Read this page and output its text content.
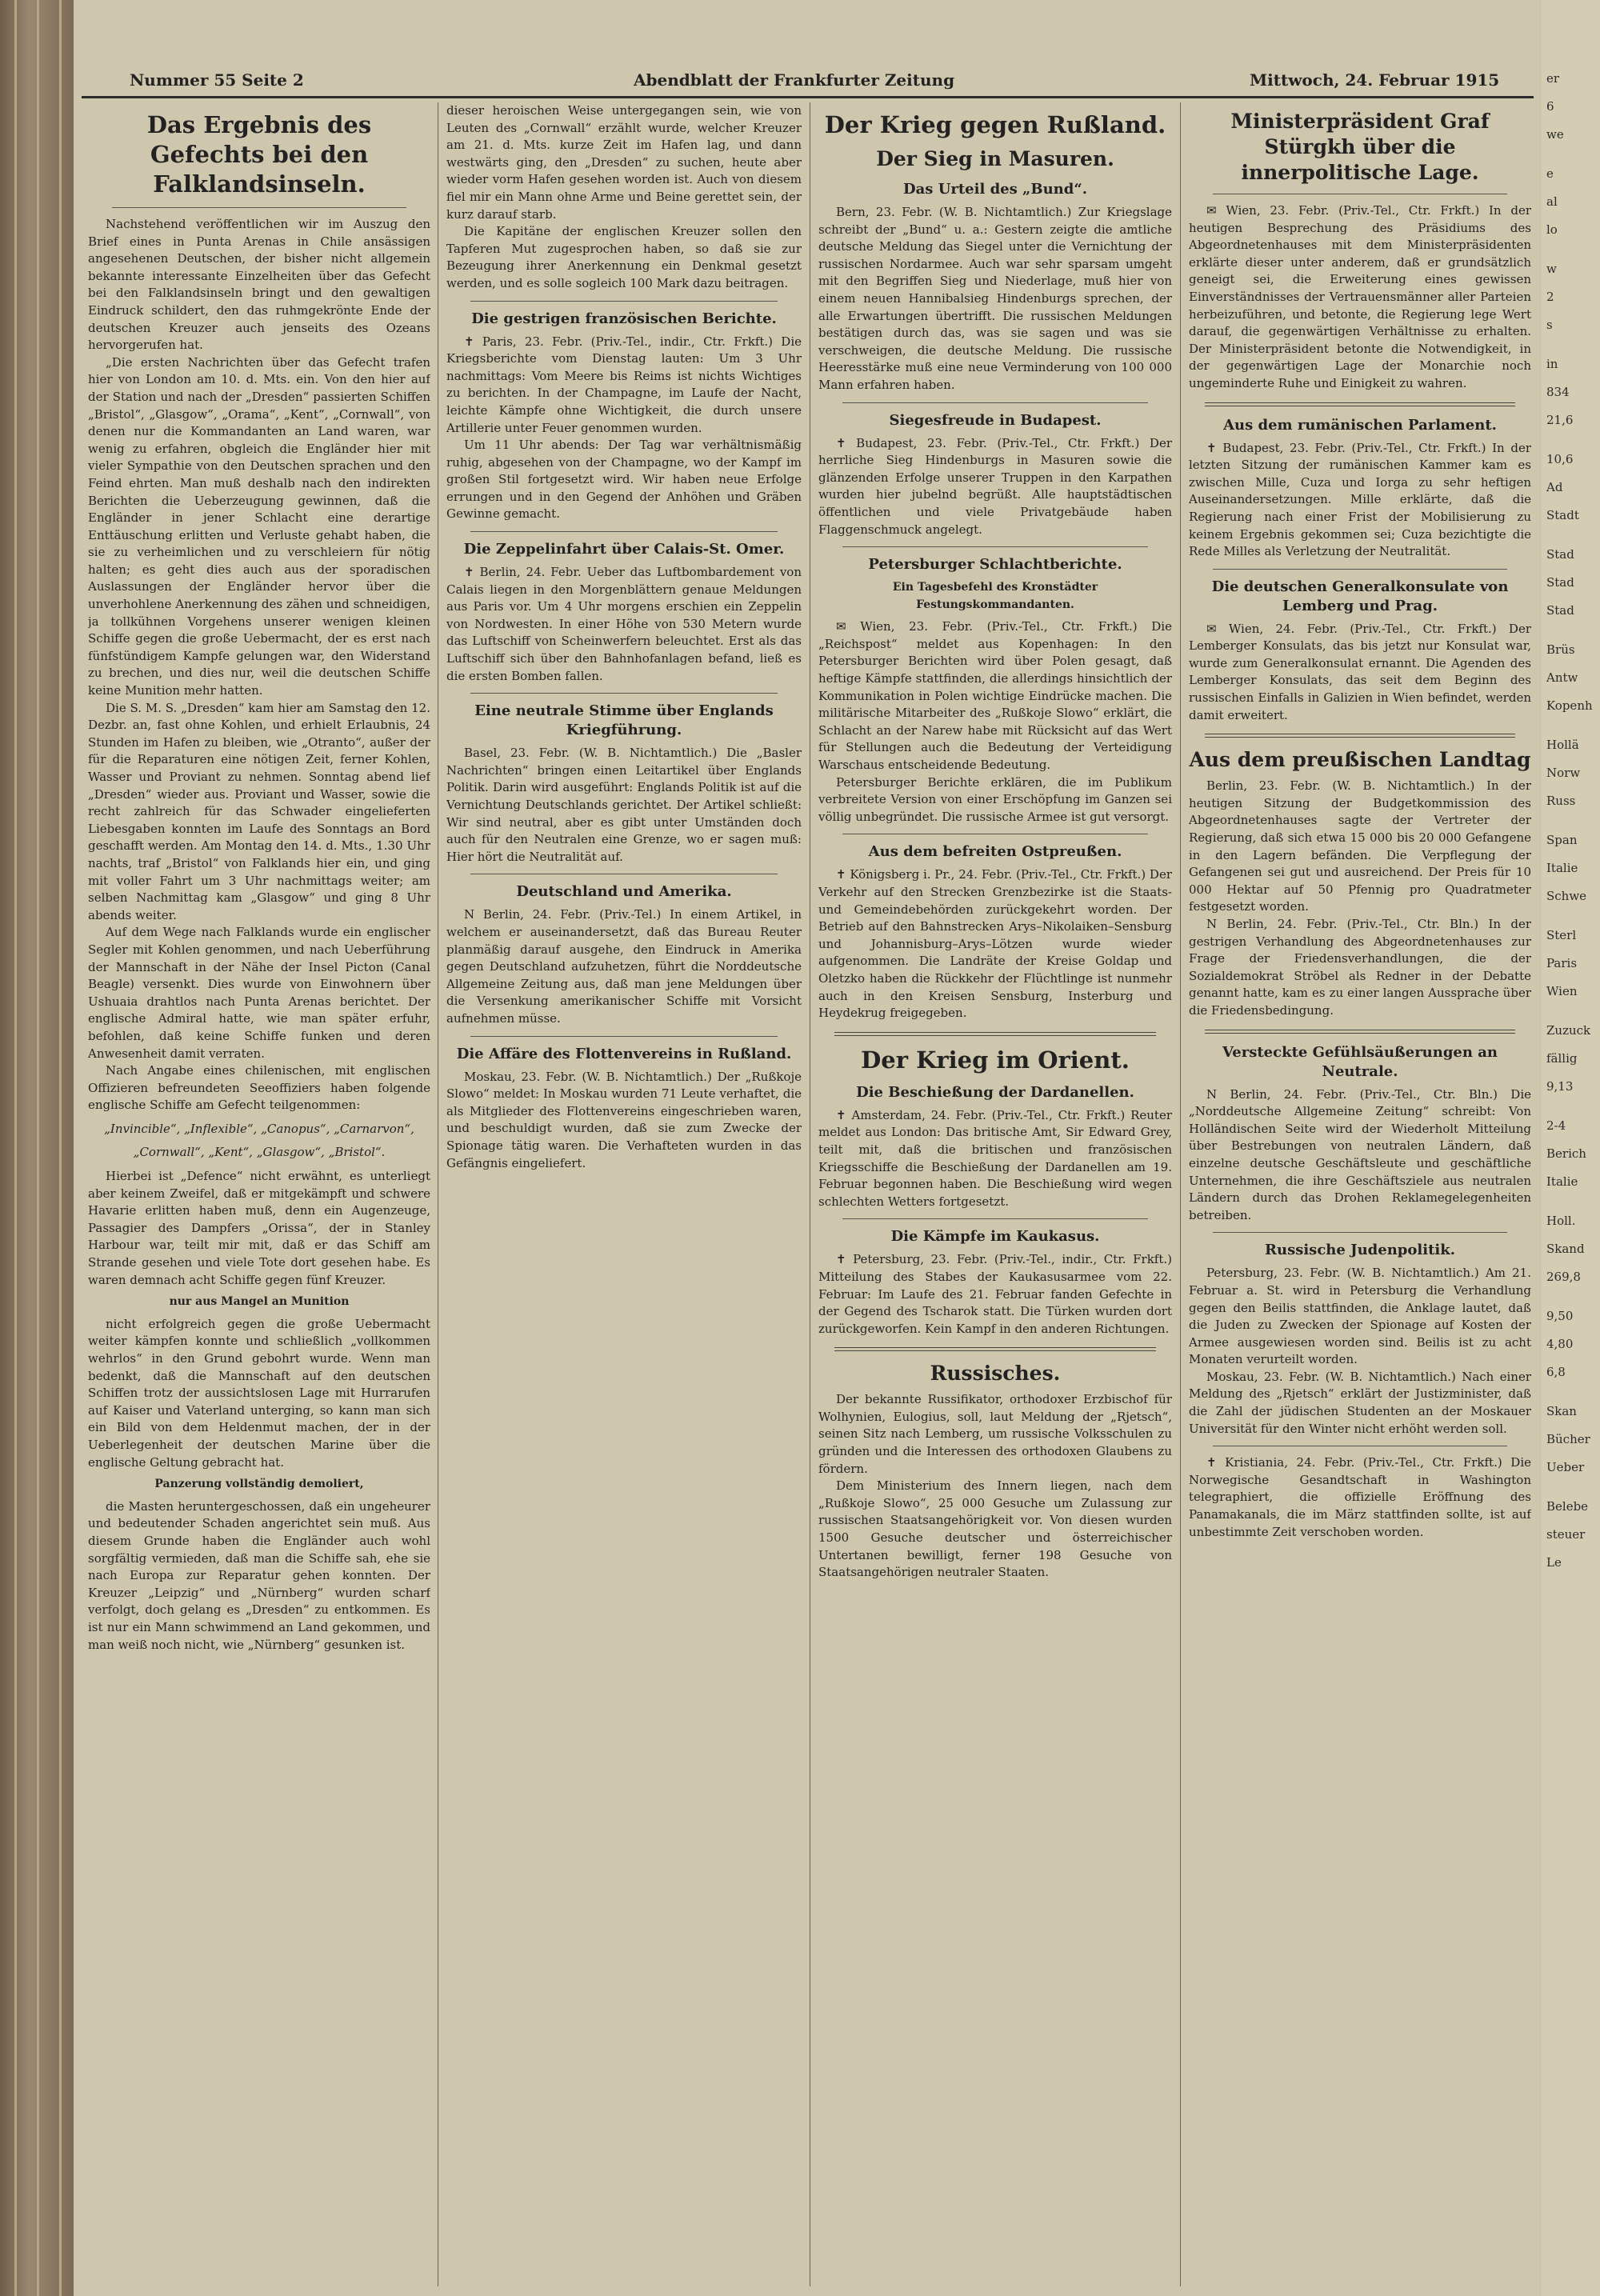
Nummer 55 Seite 2	Abendblatt der Frankfurter Zeitung	Mittwoch, 24. Februar 1915
Das Ergebnis des Gefechts bei den Falklandsinseln.

Nachstehend veröffentlichen wir im Auszug den Brief eines in Punta Arenas in Chile ansässigen angesehenen Deutschen, der bisher nicht allgemein bekannte interessante Einzelheiten über das Gefecht bei den Falklandsinseln bringt und den gewaltigen Eindruck schildert, den das ruhmgekrönte Ende der deutschen Kreuzer auch jenseits des Ozeans hervorgerufen hat.

„Die ersten Nachrichten über das Gefecht trafen hier von London am 10. d. Mts. ein. Von den hier auf der Station und nach der „Dresden“ passierten Schiffen „Bristol“, „Glasgow“, „Orama“, „Kent“, „Cornwall“, von denen nur die Kommandanten an Land waren, war wenig zu erfahren, obgleich die Engländer hier mit vieler Sympathie von den Deutschen sprachen und den Feind ehrten. Man muß deshalb nach den indirekten Berichten die Ueberzeugung gewinnen, daß die Engländer in jener Schlacht eine derartige Enttäuschung erlitten und Verluste gehabt haben, die sie zu verheimlichen und zu verschleiern für nötig halten; es geht dies auch aus der sporadischen Auslassungen der Engländer hervor über die unverhohlene Anerkennung des zähen und schneidigen, ja tollkühnen Vorgehens unserer wenigen kleinen Schiffe gegen die große Uebermacht, der es erst nach fünfstündigem Kampfe gelungen war, den Widerstand zu brechen, und dies nur, weil die deutschen Schiffe keine Munition mehr hatten.

Die S. M. S. „Dresden“ kam hier am Samstag den 12. Dezbr. an, fast ohne Kohlen, und erhielt Erlaubnis, 24 Stunden im Hafen zu bleiben, wie „Otranto“, außer der für die Reparaturen eine nötigen Zeit, ferner Kohlen, Wasser und Proviant zu nehmen. Sonntag abend lief „Dresden“ wieder aus. Proviant und Wasser, sowie die recht zahlreich für das Schwader eingelieferten Liebesgaben konnten im Laufe des Sonntags an Bord geschafft werden. Am Montag den 14. d. Mts., 1.30 Uhr nachts, traf „Bristol“ von Falklands hier ein, und ging mit voller Fahrt um 3 Uhr nachmittags weiter; am selben Nachmittag kam „Glasgow“ und ging 8 Uhr abends weiter.

Auf dem Wege nach Falklands wurde ein englischer Segler mit Kohlen genommen, und nach Ueberführung der Mannschaft in der Nähe der Insel Picton (Canal Beagle) versenkt. Dies wurde von Einwohnern über Ushuaia drahtlos nach Punta Arenas berichtet. Der englische Admiral hatte, wie man später erfuhr, befohlen, daß keine Schiffe funken und deren Anwesenheit damit verraten.

Nach Angabe eines chilenischen, mit englischen Offizieren befreundeten Seeoffiziers haben folgende englische Schiffe am Gefecht teilgenommen:

„Invincible“, „Inflexible“, „Canopus“, „Carnarvon“,
„Cornwall“, „Kent“, „Glasgow“, „Bristol“.

Hierbei ist „Defence“ nicht erwähnt, es unterliegt aber keinem Zweifel, daß er mitgekämpft und schwere Havarie erlitten haben muß, denn ein Augenzeuge, Passagier des Dampfers „Orissa“, der in Stanley Harbour war, teilt mir mit, daß er das Schiff am Strande gesehen und viele Tote dort gesehen habe. Es waren demnach acht Schiffe gegen fünf Kreuzer.

nur aus Mangel an Munition

nicht erfolgreich gegen die große Uebermacht weiter kämpfen konnte und schließlich „vollkommen wehrlos“ in den Grund gebohrt wurde. Wenn man bedenkt, daß die Mannschaft auf den deutschen Schiffen trotz der aussichtslosen Lage mit Hurrarufen auf Kaiser und Vaterland unterging, so kann man sich ein Bild von dem Heldenmut machen, der in der Ueberlegenheit der deutschen Marine über die englische Geltung gebracht hat.

Panzerung vollständig demoliert,

die Masten heruntergeschossen, daß ein ungeheurer und bedeutender Schaden angerichtet sein muß. Aus diesem Grunde haben die Engländer auch wohl sorgfältig vermieden, daß man die Schiffe sah, ehe sie nach Europa zur Reparatur gehen konnten. Der Kreuzer „Leipzig“ und „Nürnberg“ wurden scharf verfolgt, doch gelang es „Dresden“ zu entkommen. Es ist nur ein Mann schwimmend an Land gekommen, und man weiß noch nicht, wie „Nürnberg“ gesunken ist.

dieser heroischen Weise untergegangen sein, wie von Leuten des „Cornwall“ erzählt wurde, welcher Kreuzer am 21. d. Mts. kurze Zeit im Hafen lag, und dann westwärts ging, den „Dresden“ zu suchen, heute aber wieder vorm Hafen gesehen worden ist. Auch von diesem fiel mir ein Mann ohne Arme und Beine gerettet sein, der kurz darauf starb.

Die Kapitäne der englischen Kreuzer sollen den Tapferen Mut zugesprochen haben, so daß sie zur Bezeugung ihrer Anerkennung ein Denkmal gesetzt werden, und es solle sogleich 100 Mark dazu beitragen.

Die gestrigen französischen Berichte.

✝ Paris, 23. Febr. (Priv.-Tel., indir., Ctr. Frkft.) Die Kriegsberichte vom Dienstag lauten: Um 3 Uhr nachmittags: Vom Meere bis Reims ist nichts Wichtiges zu berichten. In der Champagne, im Laufe der Nacht, leichte Kämpfe ohne Wichtigkeit, die durch unsere Artillerie unter Feuer genommen wurden.

Um 11 Uhr abends: Der Tag war verhältnismäßig ruhig, abgesehen von der Champagne, wo der Kampf im großen Stil fortgesetzt wird. Wir haben neue Erfolge errungen und in den Gegend der Anhöhen und Gräben Gewinne gemacht.

Die Zeppelinfahrt über Calais-St. Omer.

✝ Berlin, 24. Febr. Ueber das Luftbombardement von Calais liegen in den Morgenblättern genaue Meldungen aus Paris vor. Um 4 Uhr morgens erschien ein Zeppelin von Nordwesten. In einer Höhe von 530 Metern wurde das Luftschiff von Scheinwerfern beleuchtet. Erst als das Luftschiff sich über den Bahnhofanlagen befand, ließ es die ersten Bomben fallen.

Eine neutrale Stimme über Englands Kriegführung.

Basel, 23. Febr. (W. B. Nichtamtlich.) Die „Basler Nachrichten“ bringen einen Leitartikel über Englands Politik. Darin wird ausgeführt: Englands Politik ist auf die Vernichtung Deutschlands gerichtet. Der Artikel schließt: Wir sind neutral, aber es gibt unter Umständen doch auch für den Neutralen eine Grenze, wo er sagen muß: Hier hört die Neutralität auf.

Deutschland und Amerika.

N Berlin, 24. Febr. (Priv.-Tel.) In einem Artikel, in welchem er auseinandersetzt, daß das Bureau Reuter planmäßig darauf ausgehe, den Eindruck in Amerika gegen Deutschland aufzuhetzen, führt die Norddeutsche Allgemeine Zeitung aus, daß man jene Meldungen über die Versenkung amerikanischer Schiffe mit Vorsicht aufnehmen müsse.

Die Affäre des Flottenvereins in Rußland.

Moskau, 23. Febr. (W. B. Nichtamtlich.) Der „Rußkoje Slowo“ meldet: In Moskau wurden 71 Leute verhaftet, die als Mitglieder des Flottenvereins eingeschrieben waren, und beschuldigt wurden, daß sie zum Zwecke der Spionage tätig waren. Die Verhafteten wurden in das Gefängnis eingeliefert.

Der Krieg gegen Rußland.
Der Sieg in Masuren.
Das Urteil des „Bund“.

Bern, 23. Febr. (W. B. Nichtamtlich.) Zur Kriegslage schreibt der „Bund“ u. a.: Gestern zeigte die amtliche deutsche Meldung das Siegel unter die Vernichtung der russischen Nordarmee. Auch war sehr sparsam umgeht mit den Begriffen Sieg und Niederlage, muß hier von einem neuen Hannibalsieg Hindenburgs sprechen, der alle Erwartungen übertrifft. Die russischen Meldungen bestätigen durch das, was sie sagen und was sie verschweigen, die deutsche Meldung. Die russische Heeresstärke muß eine neue Verminderung von 100 000 Mann erfahren haben.

Siegesfreude in Budapest.

✝ Budapest, 23. Febr. (Priv.-Tel., Ctr. Frkft.) Der herrliche Sieg Hindenburgs in Masuren sowie die glänzenden Erfolge unserer Truppen in den Karpathen wurden hier jubelnd begrüßt. Alle hauptstädtischen öffentlichen und viele Privatgebäude haben Flaggenschmuck angelegt.

Petersburger Schlachtberichte.
Ein Tagesbefehl des Kronstädter Festungskommandanten.

✉ Wien, 23. Febr. (Priv.-Tel., Ctr. Frkft.) Die „Reichspost“ meldet aus Kopenhagen: In den Petersburger Berichten wird über Polen gesagt, daß heftige Kämpfe stattfinden, die allerdings hinsichtlich der Kommunikation in Polen wichtige Eindrücke machen. Die militärische Mitarbeiter des „Rußkoje Slowo“ erklärt, die Schlacht an der Narew habe mit Rücksicht auf das Wert für Stellungen auch die Bedeutung der Verteidigung Warschaus entscheidende Bedeutung.

Petersburger Berichte erklären, die im Publikum verbreitete Version von einer Erschöpfung im Ganzen sei völlig unbegründet. Die russische Armee ist gut versorgt.

Aus dem befreiten Ostpreußen.

✝ Königsberg i. Pr., 24. Febr. (Priv.-Tel., Ctr. Frkft.) Der Verkehr auf den Strecken Grenzbezirke ist die Staats- und Gemeindebehörden zurückgekehrt worden. Der Betrieb auf den Bahnstrecken Arys–Nikolaiken–Sensburg und Johannisburg–Arys–Lötzen wurde wieder aufgenommen. Die Landräte der Kreise Goldap und Oletzko haben die Rückkehr der Flüchtlinge ist nunmehr auch in den Kreisen Sensburg, Insterburg und Heydekrug freigegeben.

Der Krieg im Orient.
Die Beschießung der Dardanellen.

✝ Amsterdam, 24. Febr. (Priv.-Tel., Ctr. Frkft.) Reuter meldet aus London: Das britische Amt, Sir Edward Grey, teilt mit, daß die britischen und französischen Kriegsschiffe die Beschießung der Dardanellen am 19. Februar begonnen haben. Die Beschießung wird wegen schlechten Wetters fortgesetzt.

Die Kämpfe im Kaukasus.

✝ Petersburg, 23. Febr. (Priv.-Tel., indir., Ctr. Frkft.) Mitteilung des Stabes der Kaukasusarmee vom 22. Februar: Im Laufe des 21. Februar fanden Gefechte in der Gegend des Tscharok statt. Die Türken wurden dort zurückgeworfen. Kein Kampf in den anderen Richtungen.

Russisches.

Der bekannte Russifikator, orthodoxer Erzbischof für Wolhynien, Eulogius, soll, laut Meldung der „Rjetsch“, seinen Sitz nach Lemberg, um russische Volksschulen zu gründen und die Interessen des orthodoxen Glaubens zu fördern.

Dem Ministerium des Innern liegen, nach dem „Rußkoje Slowo“, 25 000 Gesuche um Zulassung zur russischen Staatsangehörigkeit vor. Von diesen wurden 1500 Gesuche deutscher und österreichischer Untertanen bewilligt, ferner 198 Gesuche von Staatsangehörigen neutraler Staaten.

Ministerpräsident Graf Stürgkh über die innerpolitische Lage.

✉ Wien, 23. Febr. (Priv.-Tel., Ctr. Frkft.) In der heutigen Besprechung des Präsidiums des Abgeordnetenhauses mit dem Ministerpräsidenten erklärte dieser unter anderem, daß er grundsätzlich geneigt sei, die Erweiterung eines gewissen Einverständnisses der Vertrauensmänner aller Parteien herbeizuführen, und betonte, die Regierung lege Wert darauf, die gegenwärtigen Verhältnisse zu erhalten. Der Ministerpräsident betonte die Notwendigkeit, in der gegenwärtigen Lage der Monarchie noch ungeminderte Ruhe und Einigkeit zu wahren.

Aus dem rumänischen Parlament.

✝ Budapest, 23. Febr. (Priv.-Tel., Ctr. Frkft.) In der letzten Sitzung der rumänischen Kammer kam es zwischen Mille, Cuza und Iorga zu sehr heftigen Auseinandersetzungen. Mille erklärte, daß die Regierung nach einer Frist der Mobilisierung zu keinem Ergebnis gekommen sei; Cuza bezichtigte die Rede Milles als Verletzung der Neutralität.

Die deutschen Generalkonsulate von Lemberg und Prag.

✉ Wien, 24. Febr. (Priv.-Tel., Ctr. Frkft.) Der Lemberger Konsulats, das bis jetzt nur Konsulat war, wurde zum Generalkonsulat ernannt. Die Agenden des Lemberger Konsulats, das seit dem Beginn des russischen Einfalls in Galizien in Wien befindet, werden damit erweitert.

Aus dem preußischen Landtag

Berlin, 23. Febr. (W. B. Nichtamtlich.) In der heutigen Sitzung der Budgetkommission des Abgeordnetenhauses sagte der Vertreter der Regierung, daß sich etwa 15 000 bis 20 000 Gefangene in den Lagern befänden. Die Verpflegung der Gefangenen sei gut und ausreichend. Der Preis für 10 000 Hektar auf 50 Pfennig pro Quadratmeter festgesetzt worden.

N Berlin, 24. Febr. (Priv.-Tel., Ctr. Bln.) In der gestrigen Verhandlung des Abgeordnetenhauses zur Frage der Friedensverhandlungen, die der Sozialdemokrat Ströbel als Redner in der Debatte genannt hatte, kam es zu einer langen Aussprache über die Friedensbedingung.

Versteckte Gefühlsäußerungen an Neutrale.

N Berlin, 24. Febr. (Priv.-Tel., Ctr. Bln.) Die „Norddeutsche Allgemeine Zeitung“ schreibt: Von Holländischen Seite wird der Wiederholt Mitteilung über Bestrebungen von neutralen Ländern, daß einzelne deutsche Geschäftsleute und geschäftliche Unternehmen, die ihre Geschäftsziele aus neutralen Ländern durch das Drohen Reklamegelegenheiten betreiben.

Russische Judenpolitik.

Petersburg, 23. Febr. (W. B. Nichtamtlich.) Am 21. Februar a. St. wird in Petersburg die Verhandlung gegen den Beilis stattfinden, die Anklage lautet, daß die Juden zu Zwecken der Spionage auf Kosten der Armee ausgewiesen worden sind. Beilis ist zu acht Monaten verurteilt worden.

Moskau, 23. Febr. (W. B. Nichtamtlich.) Nach einer Meldung des „Rjetsch“ erklärt der Justizminister, daß die Zahl der jüdischen Studenten an der Moskauer Universität für den Winter nicht erhöht werden soll.

✝ Kristiania, 24. Febr. (Priv.-Tel., Ctr. Frkft.) Die Norwegische Gesandtschaft in Washington telegraphiert, die offizielle Eröffnung des Panamakanals, die im März stattfinden sollte, ist auf unbestimmte Zeit verschoben worden.

er
6
we
e
al
lo
w
2
s
in
834
21,6
10,6
Ad
Stadt
Stad
Stad
Stad
Brüs
Antw
Kopenh
Hollä
Norw
Russ
Span
Italie
Schwe
Sterl
Paris
Wien
Zuzuck
fällig
9,13
2-4
Berich
Italie
Holl.
Skand
269,8
9,50
4,80
6,8
Skan
Bücher
Ueber
Belebe
steuer
Le
